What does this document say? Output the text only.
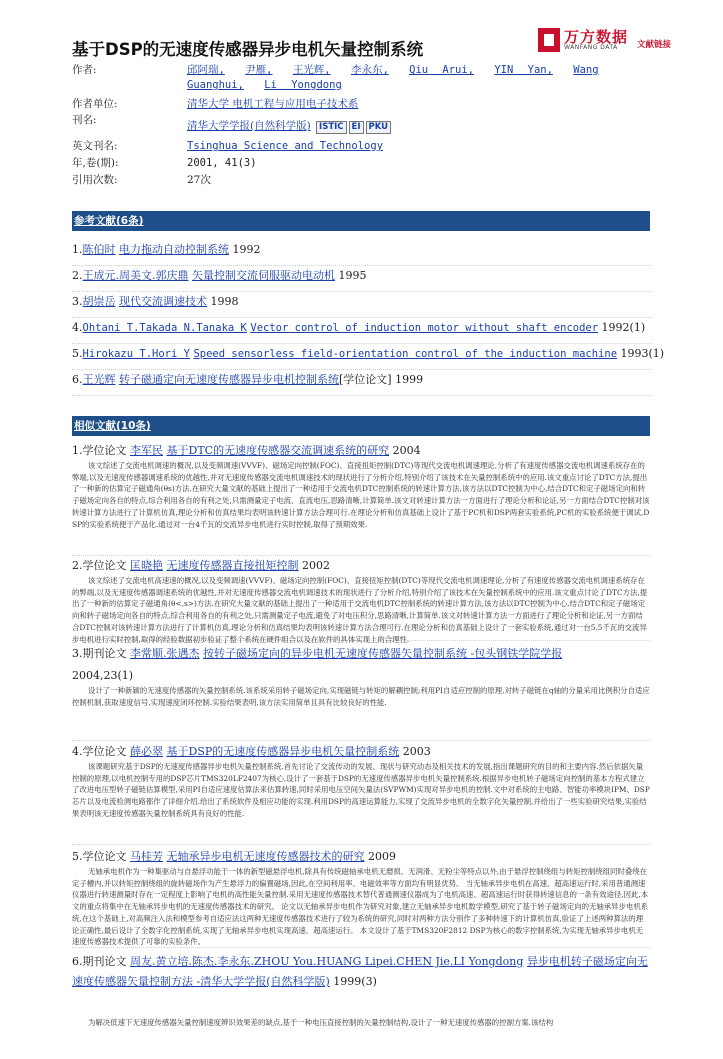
基于DSP的无速度传感器异步电机矢量控制系统
万方数据
WANFANG DATA 文献链接
作者:	邱阿瑞, 尹雁, 王光辉, 李永东, Qiu Arui, YIN Yan, Wang Guanghui, Li Yongdong
作者单位:	清华大学 电机工程与应用电子技术系
刊名:	清华大学学报(自然科学版) ISTIC EI PKU
英文刊名:	Tsinghua Science and Technology
年,卷(期):	2001, 41(3)
引用次数:	27次
参考文献(6条)
1.陈伯时 电力拖动自动控制系统 1992
2.王成元.周美文.郭庆鼎 矢量控制交流伺服驱动电动机 1995
3.胡崇岳 现代交流调速技术 1998
4.Ohtani T.Takada N.Tanaka K Vector control of induction motor without shaft encoder 1992(1)
5.Hirokazu T.Hori Y Speed sensorless field-orientation control of the induction machine 1993(1)
6.王光辉 转子磁通定向无速度传感器异步电机控制系统[学位论文] 1999
相似文献(10条)
1.学位论文 李军民 基于DTC的无速度传感器交流调速系统的研究 2004
该文综述了交流电机调速的概况,以及变频调速(VVVF)、磁场定向控制(FOC)、直接扭矩控制(DTC)等现代交流电机调速理论,分析了有速度传感器交流电机调速系统存在的弊端,以及无速度传感器调速系统的优越性,并对无速度传感器交流电机调速技术的现状进行了分析介绍,特别介绍了该技术在矢量控制系统中的应用.该文重点讨论了DTC方法,提出了一种新的估算定子磁通角(θs)方法.在研究大量文献的基础上提出了一种适用于交流电机DTC控制系统的转速计算方法,该方法以DTC控制为中心,结合DTC和定子磁场定向和转子磁场定向各自的特点,综合利用各自的有利之处,只需测量定子电流、直流电压,思路清晰,计算简单.该文对转速计算方法一方面进行了理论分析和论证,另一方面结合DTC控制对该转速计算方法进行了计算机仿真,理论分析和仿真结果均表明该转速计算方法合理可行.在理论分析和仿真基础上设计了基于PC机和DSP两套实验系统,PC机的实验系统便于调试,DSP的实验系统便于产品化.通过对一台4千瓦的交流异步电机进行实时控制,取得了预期效果.
2.学位论文 匡晓艳 无速度传感器直接扭矩控制 2002
该文综述了交流电机高速速的概况,以及变频调速(VVVF)、磁场定向控制(FOC)、直接扭矩控制(DTC)等现代交流电机调速理论,分析了有速度传感器交流电机调速系统存在的弊端,以及无速度传感器调速系统的优越性,并对无速度传感器交流电机调速技术的现状进行了分析介绍,特别介绍了该技术在矢量控制系统中的应用.该文重点讨论了DTC方法,提出了一种新的估算定子磁通角(θ<,s>)方法.在研究大量文献的基础上提出了一种适用于交流电机DTC控制系统的转速计算方法,该方法以DTC控制为中心,结合DTC和定子磁场定向和转子磁场定向各自的特点,综合利用各自的有利之处,只需测量定子电流,避免了对电压积分,思路清晰,计算简单.该文对转速计算方法一方面进行了理论分析和论证,另一方面结合DTC控制对该转速计算方法进行了计算机仿真,理论分析和仿真结果均表明该转速计算方法合理可行.在理论分析和仿真基础上设计了一套实验系统,通过对一台5.5千瓦的交流异步电机进行实时控制,取得的经验数据初步验证了整个系统在硬件组合以及在软件的具体实现上的合理性.
3.期刊论文 李常顺.张遇杰 按转子磁场定向的异步电机无速度传感器矢量控制系统 -包头钢铁学院学报
2004,23(1)
设计了一种新颖的无速度传感器的矢量控制系统.该系统采用转子磁场定向,实现磁链与转矩的解耦控制;利用PI自适应控制的原理,对转子磁链在q轴的分量采用比例积分自适应控制机制,获取速度信号,实现速度闭环控制.实验结果表明,该方法实用简单且具有比较良好的性能.
4.学位论文 薛必翠 基于DSP的无速度传感器异步电机矢量控制系统 2003
该课题研究基于DSP的无速度传感器异步电机矢量控制系统.首先讨论了交流传动的发展、现状与研究动态及相关技术的发展,指出课题研究的目的和主要内容.然后依据矢量控制的原理,以电机控制专用的DSP芯片TMS320LF2407为核心,设计了一套基于DSP的无速度传感器异步电机矢量控制系统.根据异步电机转子磁场定向控制的基本方程式建立了改进电压型转子磁链估算模型,采用PI自适应速度估算法来估算转速,同时采用电压空间矢量法(SVPWM)实现对异步电机的控制.文中对系统的主电路、智能功率模块IPM、DSP芯片以及电流检测电路都作了详细介绍.给出了系统软件及相应功能的实现.利用DSP的高速运算能力,实现了交流异步电机的全数字化矢量控制,并给出了一些实验研究结果,实验结果表明该无速度传感器矢量控制系统具有良好的性能.
5.学位论文 马桂芳 无轴承异步电机无速度传感器技术的研究 2009
无轴承电机作为一种集驱动与自悬浮功能于一体的新型磁悬浮电机,除具有传统磁轴承电机无磨损、无润滑、无粉尘等特点以外,由于悬浮控制绕组与转矩控制绕组同时叠绕在定子槽内,并以转矩控制绕组的旋转磁场作为产生悬浮力的偏置磁场,因此,在空间利用率、电磁效率等方面均有明显优势。 当无轴承异步电机在高速、超高速运行时,采用普通测速仪器进行转速测量时存在一定程度上影响了电机的高性能矢量控制.采用无速度传感器技术替代普通测速仪器成为了电机高速、超高速运行时获得转速信息的一条有效途径,因此,本文的重点将集中在无轴承异步电机的无速度传感器技术的研究。 论文以无轴承异步电机作为研究对象,建立无轴承异步电机数学模型,研究了基于转子磁场定向的无轴承异步电机系统,在这个基础上,对高频注入法和模型参考自适应法这两种无速度传感器技术进行了较为系统的研究,同时对两种方法分别作了多种转速下的计算机仿真,验证了上述两种算法的理论正确性,最后设计了全数字化控制系统,实现了无轴承异步电机实现高速、超高速运行。 本文设计了基于TMS320F2812 DSP为核心的数字控制系统,为实现无轴承异步电机无速度传感器技术提供了可靠的实验条件。
6.期刊论文 周友.黄立培.陈杰.李永东.ZHOU You.HUANG Lipei.CHEN Jie.LI Yongdong 异步电机转子磁场定向无速度传感器矢量控制方法 -清华大学学报(自然科学版) 1999(3)
为解决低速下无速度传感器矢量控制速度辨识效果差的缺点,基于一种电压直接控制的矢量控制结构,设计了一种无速度传感器的控制方案.该结构
